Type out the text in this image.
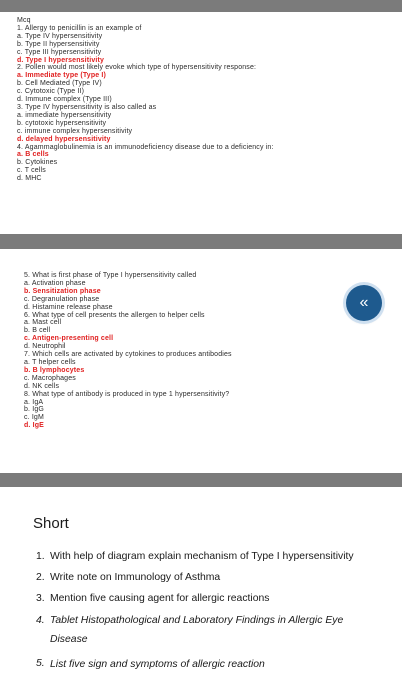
Mcq
1. Allergy to penicillin is an example of
a. Type IV hypersensitivity
b. Type II hypersensitivity
c. Type III hypersensitivity
d. Type I hypersensitivity
2. Pollen would most likely evoke which type of hypersensitivity response:
a. Immediate type (Type I)
b. Cell Mediated (Type IV)
c. Cytotoxic (Type II)
d. Immune complex (Type III)
3. Type IV hypersensitivity is also called as
a. immediate hypersensitivity
b. cytotoxic hypersensitivity
c. immune complex hypersensitivity
d. delayed hypersensitivity
4. Agammaglobulinemia is an immunodeficiency disease due to a deficiency in:
a. B cells
b. Cytokines
c. T cells
d. MHC
5. What is first phase of Type I hypersensitivity called
a. Activation phase
b. Sensitization phase
c. Degranulation phase
d. Histamine release phase
6. What type of cell presents the allergen to helper cells
a. Mast cell
b. B cell
c. Antigen-presenting cell
d. Neutrophil
7. Which cells are activated by cytokines to produces antibodies
a. T helper cells
b. B lymphocytes
c. Macrophages
d. NK cells
8. What type of antibody is produced in type 1 hypersensitivity?
a. IgA
b. IgG
c. IgM
d. IgE
«
Short
1. With help of diagram explain mechanism of Type I hypersensitivity
2. Write note on Immunology of Asthma
3. Mention five causing agent for allergic reactions
4. Tablet Histopathological and Laboratory Findings in Allergic Eye Disease
5. List five sign and symptoms of allergic reaction
